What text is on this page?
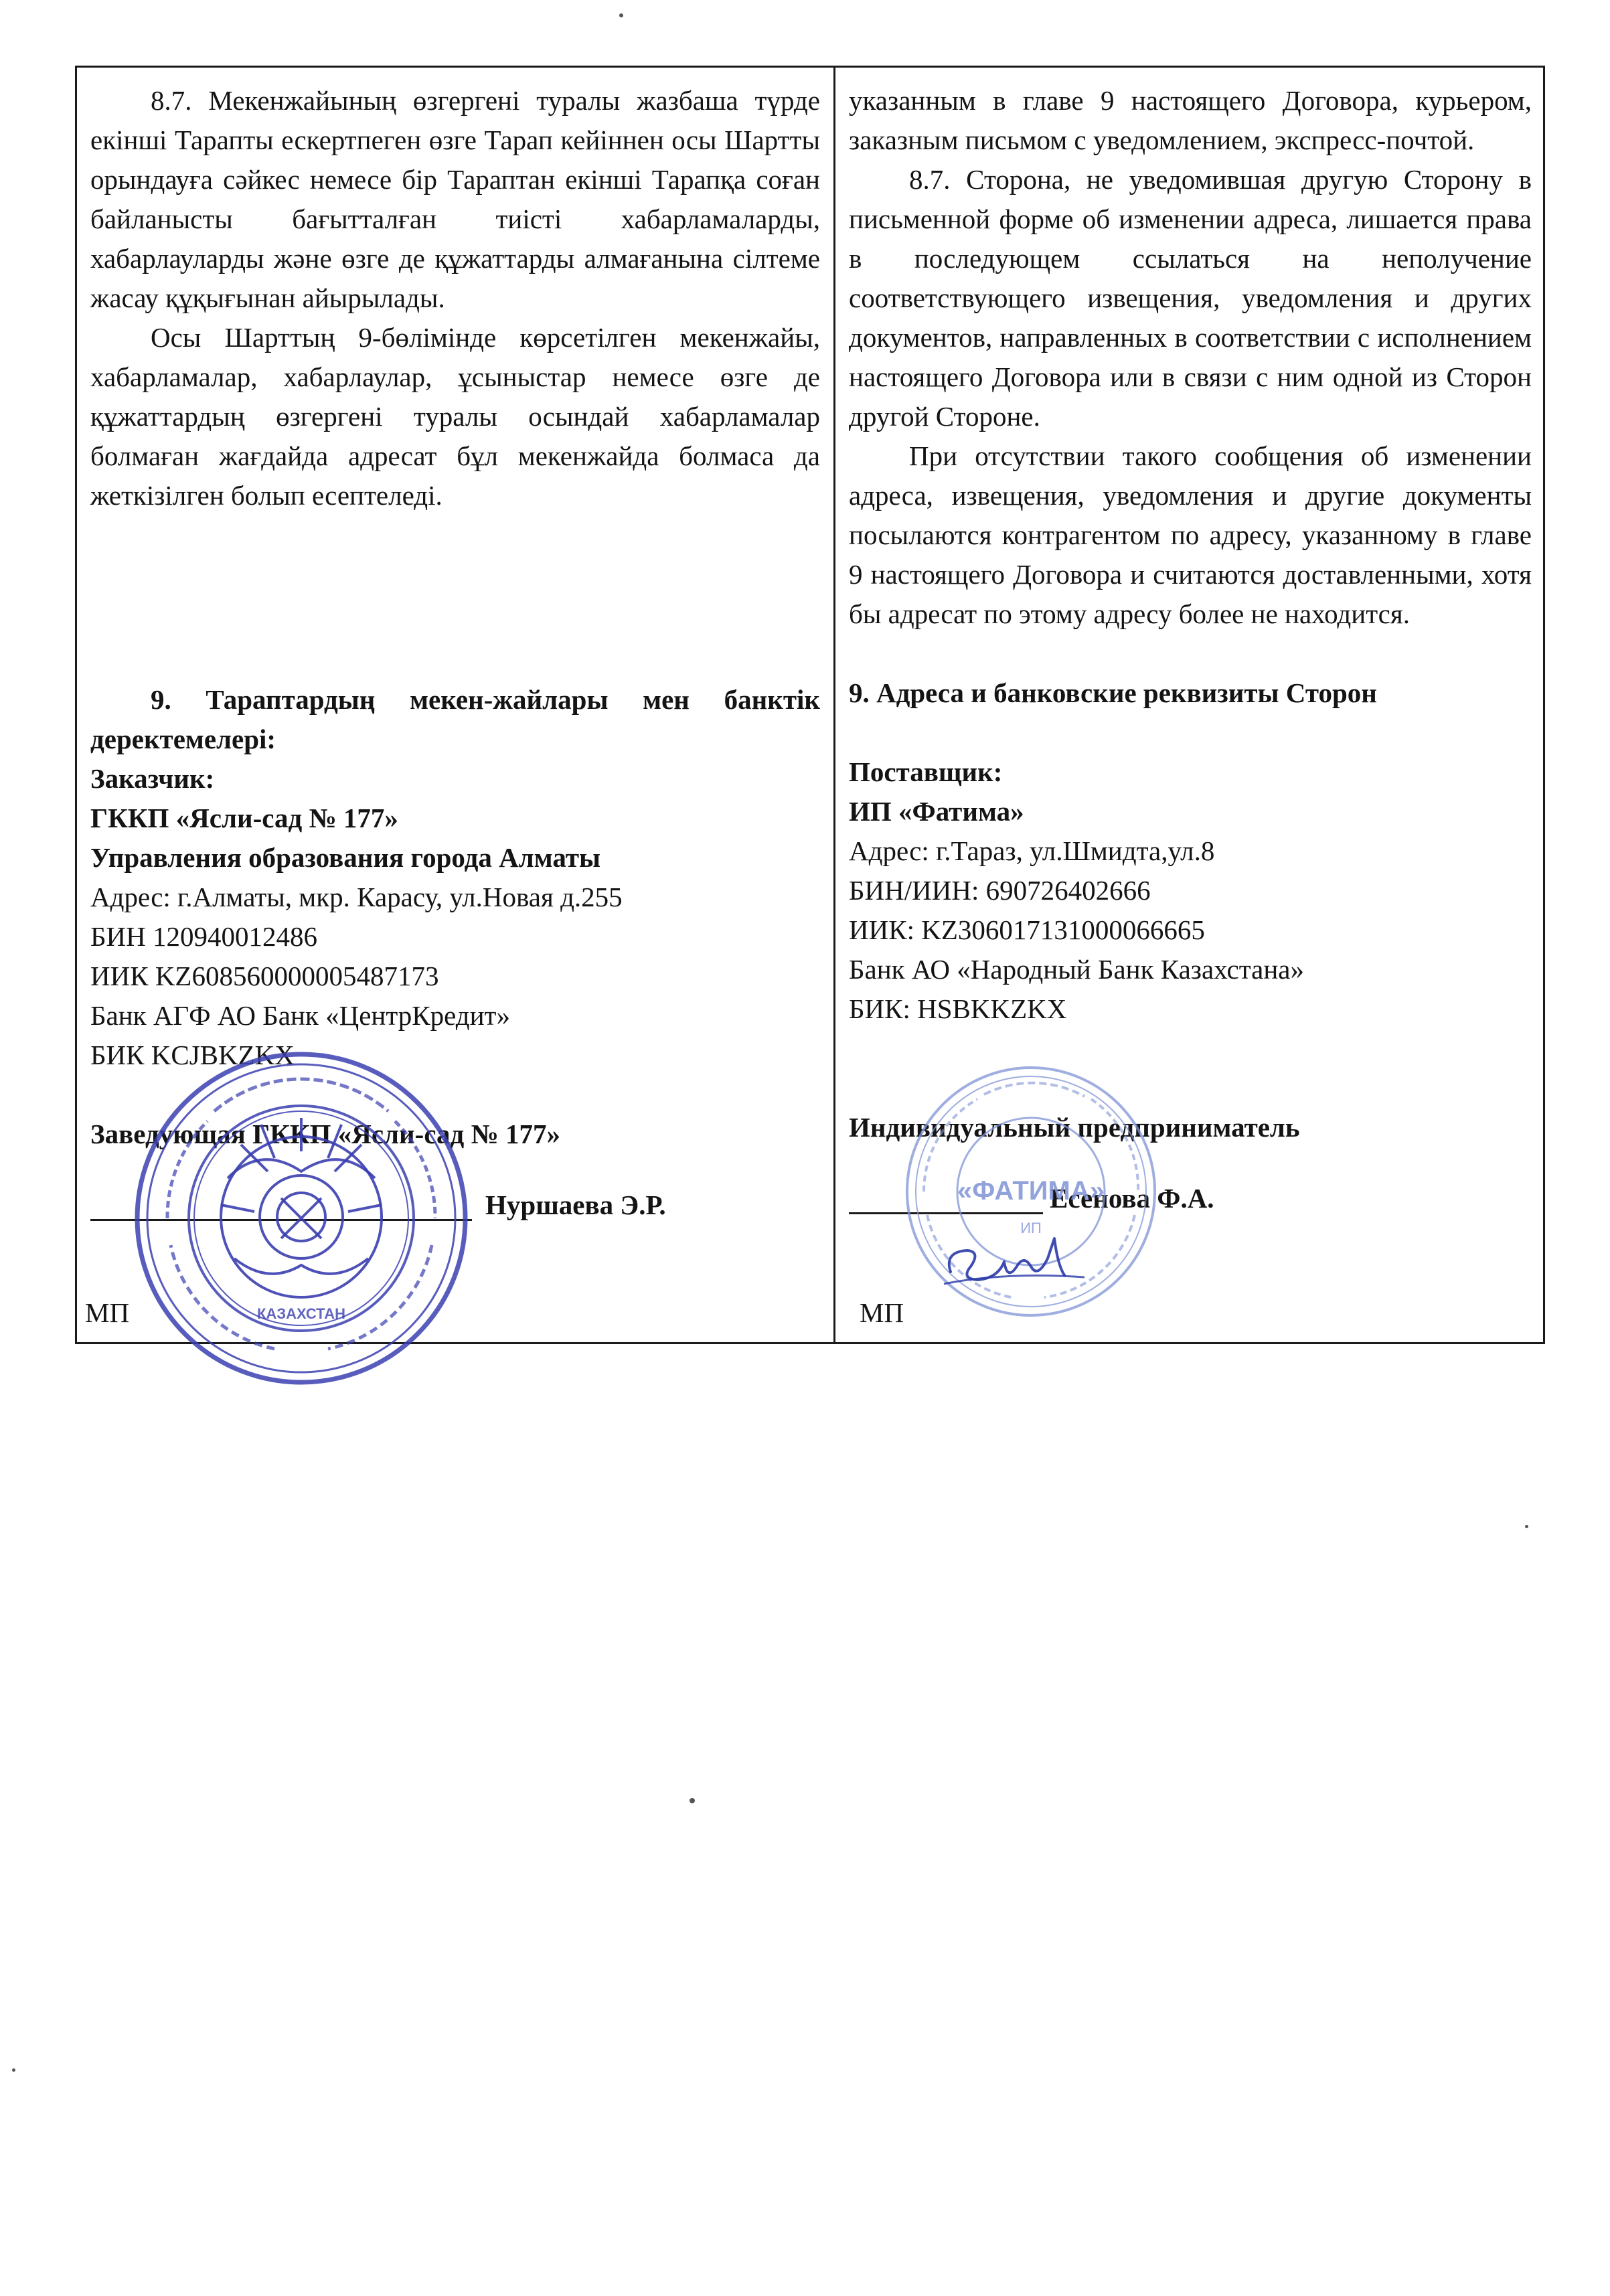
8.7. Мекенжайының өзгергені туралы жазбаша түрде екінші Тарапты ескертпеген өзге Тарап кейіннен осы Шартты орындауға сәйкес немесе бір Тараптан екінші Тарапқа соған байланысты бағытталған тиісті хабарламаларды, хабарлауларды және өзге де құжаттарды алмағанына сілтеме жасау құқығынан айырылады.

Осы Шарттың 9-бөлімінде көрсетілген мекенжайы, хабарламалар, хабарлаулар, ұсыныстар немесе өзге де құжаттардың өзгергені туралы осындай хабарламалар болмаған жағдайда адресат бұл мекенжайда болмаса да жеткізілген болып есептеледі.

9. Тараптардың мекен-жайлары мен банктік деректемелері:

Заказчик:

ГККП «Ясли-сад № 177»

Управления образования города Алматы

Адрес: г.Алматы, мкр. Карасу, ул.Новая д.255

БИН 120940012486

ИИК KZ608560000005487173

Банк АГФ АО Банк «ЦентрКредит»

БИК KCJBKZKX

Заведующая ГККП «Ясли-сад № 177»

Нуршаева Э.Р.
МП

указанным в главе 9 настоящего Договора, курьером, заказным письмом с уведомлением, экспресс-почтой.

8.7. Сторона, не уведомившая другую Сторону в письменной форме об изменении адреса, лишается права в последующем ссылаться на неполучение соответствующего извещения, уведомления и других документов, направленных в соответствии с исполнением настоящего Договора или в связи с ним одной из Сторон другой Стороне.

При отсутствии такого сообщения об изменении адреса, извещения, уведомления и другие документы посылаются контрагентом по адресу, указанному в главе 9 настоящего Договора и считаются доставленными, хотя бы адресат по этому адресу более не находится.

9. Адреса и банковские реквизиты Сторон

Поставщик:

ИП «Фатима»

Адрес: г.Тараз, ул.Шмидта,ул.8

БИН/ИИН: 690726402666

ИИК: KZ306017131000066665

Банк АО «Народный Банк Казахстана»

БИК: HSBKKZKX

Индивидуальный предприниматель

Есенова Ф.А.
МП
КАЗАХСТАН
«ФАТИМА»
ИП
